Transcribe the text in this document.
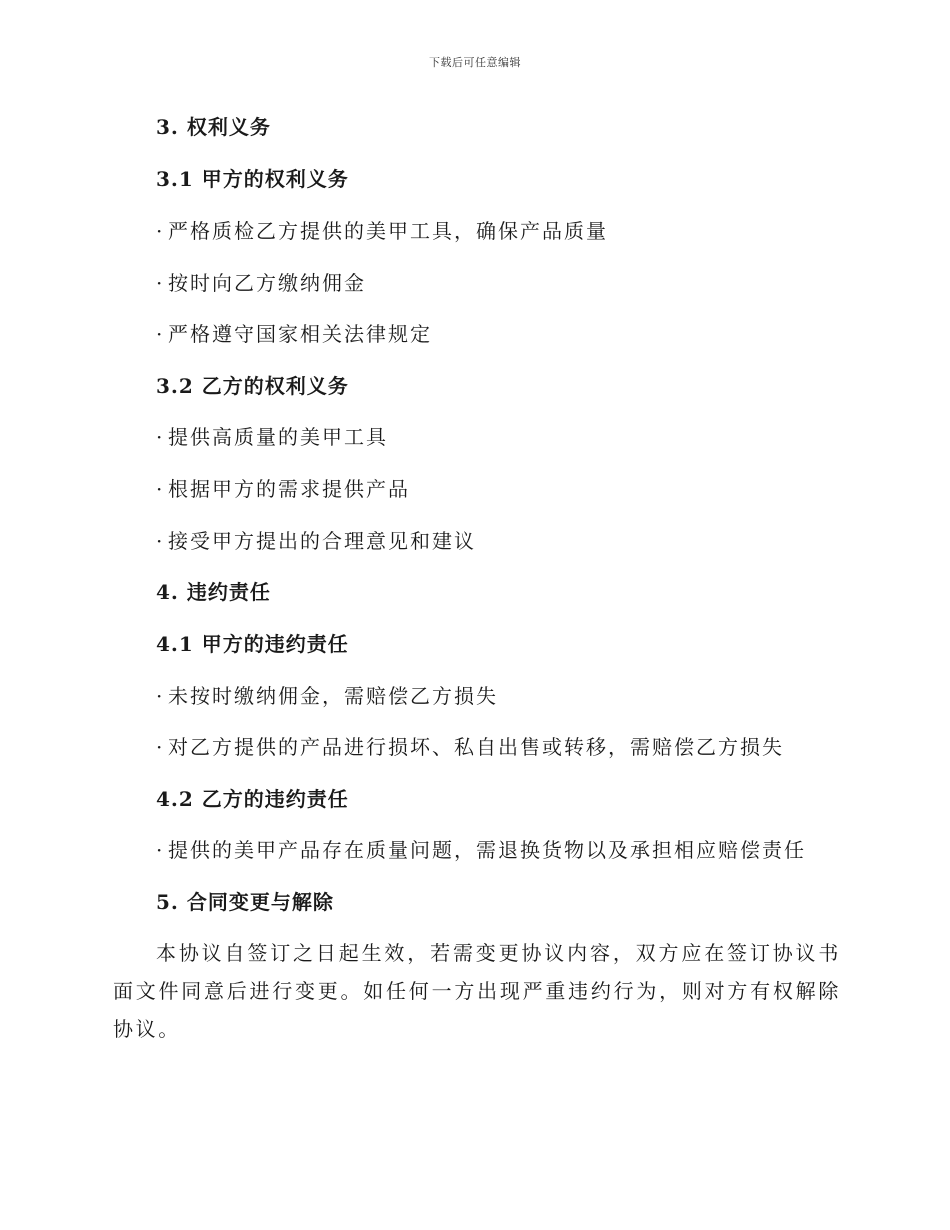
下载后可任意编辑
3. 权利义务
3.1 甲方的权利义务
· 严格质检乙方提供的美甲工具，确保产品质量
· 按时向乙方缴纳佣金
· 严格遵守国家相关法律规定
3.2 乙方的权利义务
· 提供高质量的美甲工具
· 根据甲方的需求提供产品
· 接受甲方提出的合理意见和建议
4. 违约责任
4.1 甲方的违约责任
· 未按时缴纳佣金，需赔偿乙方损失
· 对乙方提供的产品进行损坏、私自出售或转移，需赔偿乙方损失
4.2 乙方的违约责任
· 提供的美甲产品存在质量问题，需退换货物以及承担相应赔偿责任
5. 合同变更与解除
本协议自签订之日起生效，若需变更协议内容，双方应在签订协议书面文件同意后进行变更。如任何一方出现严重违约行为，则对方有权解除协议。
